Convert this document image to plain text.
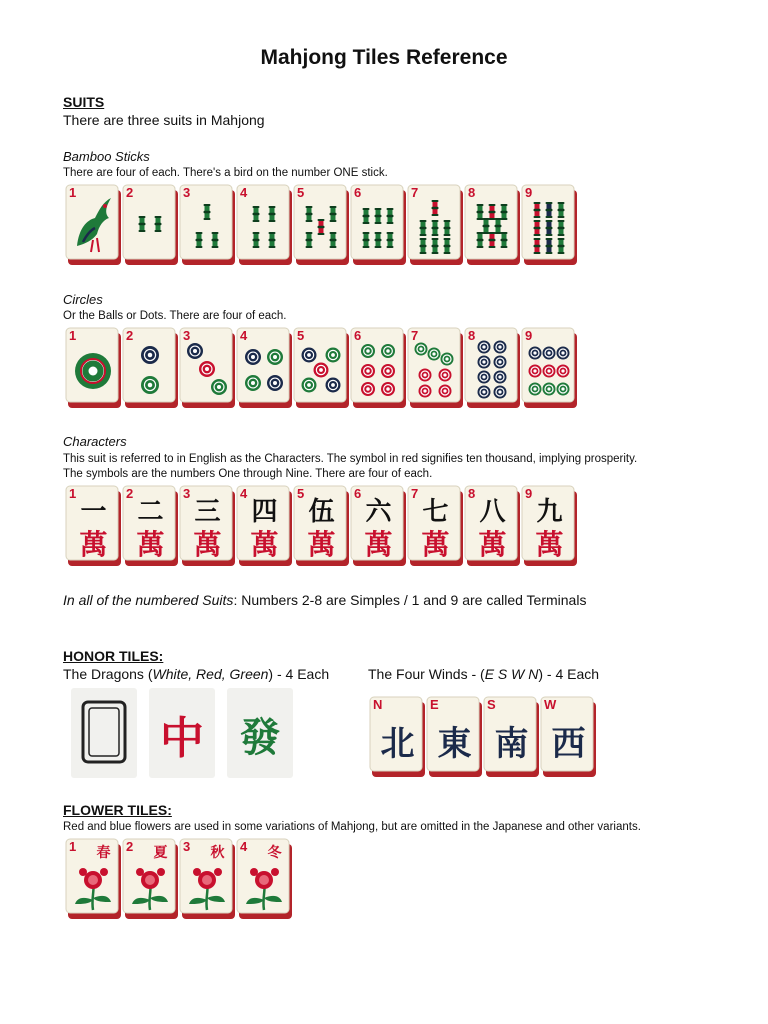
Mahjong Tiles Reference
SUITS
There are three suits in Mahjong
Bamboo Sticks
There are four of each. There's a bird on the number ONE stick.
1	2	3	4	5	6	7	8	9
Circles
Or the Balls or Dots. There are four of each.
1	2	3	4	5	6	7	8	9
Characters
This suit is referred to in English as the Characters. The symbol in red signifies ten thousand, implying prosperity.
The symbols are the numbers One through Nine. There are four of each.
1
一
萬
2
二
萬
3
三
萬
4
四
萬
5
伍
萬
6
六
萬
7
七
萬
8
八
萬
9
九
萬
In all of the numbered Suits: Numbers 2-8 are Simples / 1 and 9 are called Terminals
HONOR TILES:
The Dragons (White, Red, Green) - 4 Each	The Four Winds - (E S W N) - 4 Each
中 發
N
北
E
東
S
南
W
西
FLOWER TILES:
Red and blue flowers are used in some variations of Mahjong, but are omitted in the Japanese and other variants.
1	春	2	夏	3	秋	4	冬
